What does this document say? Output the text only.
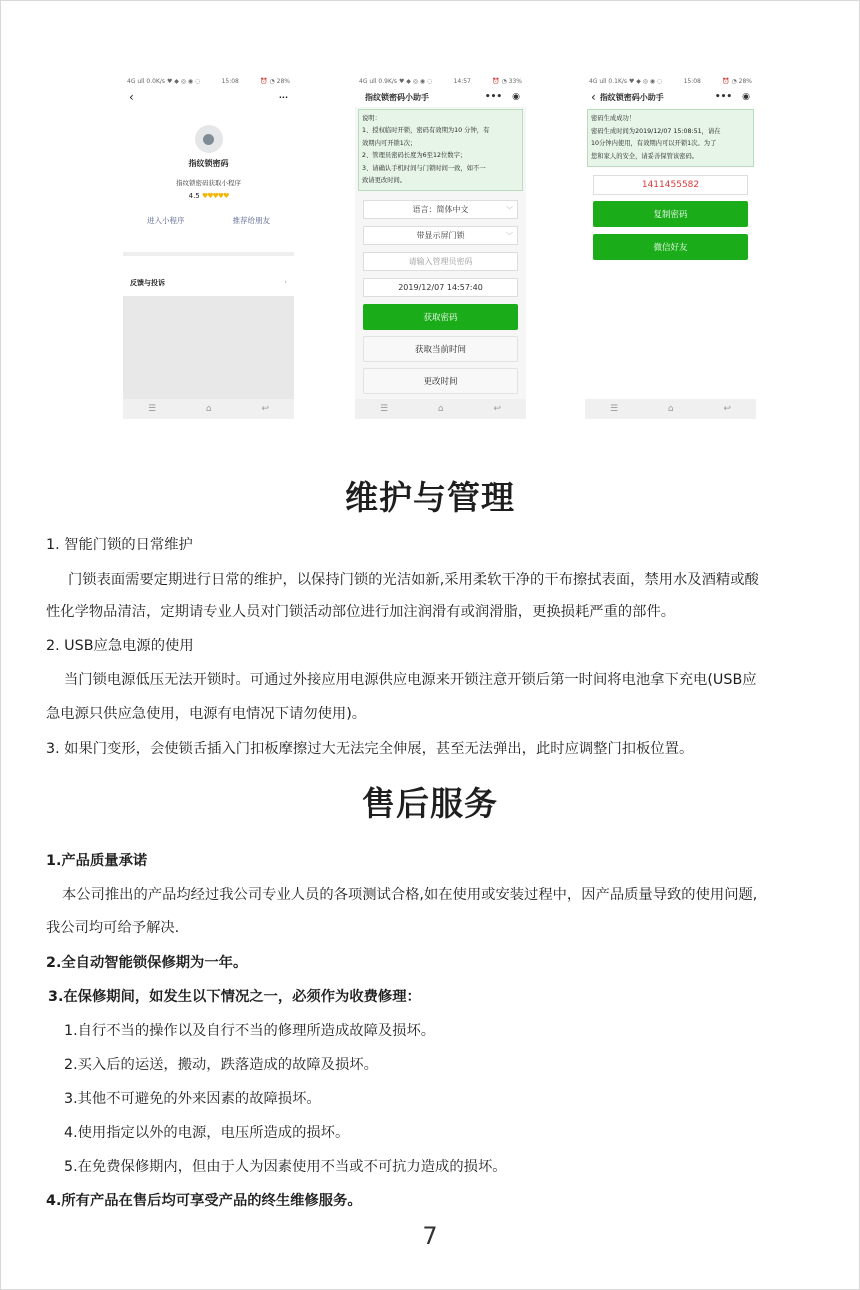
4G ull 0.0K/s ♥ ◆ ◎ ◉ ◌	15:08	⏰ ◔ 28%
‹	···
指纹锁密码
指纹锁密码获取小程序
4.5 ♥♥♥♥♥
进入小程序	推荐给朋友
反馈与投诉	›
☰	⌂	↩
4G ull 0.9K/s ♥ ◆ ◎ ◉ ◌	14:57	⏰ ◔ 33%
指纹锁密码小助手	••• ◉
说明：
1、授权临时开锁，密码有效期为10 分钟，有
效期内可开锁1次；
2、管理员密码长度为6至12位数字；
3、请确认手机时间与门锁时间一致，如不一
致请更改时间。
语言：简体中文	﹀
带显示屏门锁	﹀
请输入管理员密码
2019/12/07 14:57:40
获取密码
获取当前时间
更改时间
☰	⌂	↩
4G ull 0.1K/s ♥ ◆ ◎ ◉ ◌	15:08	⏰ ◔ 28%
‹ 指纹锁密码小助手	••• ◉
密码生成成功！
密码生成时间为2019/12/07 15:08:51，请在
10分钟内使用，有效期内可以开锁1次。为了
您和家人的安全，请妥善保管该密码。
1411455582
复制密码
微信好友
☰	⌂	↩
维护与管理
1. 智能门锁的日常维护
门锁表面需要定期进行日常的维护，以保持门锁的光洁如新,采用柔软干净的干布擦拭表面，禁用水及酒精或酸
性化学物品清洁，定期请专业人员对门锁活动部位进行加注润滑有或润滑脂，更换损耗严重的部件。
2. USB应急电源的使用
当门锁电源低压无法开锁时。可通过外接应用电源供应电源来开锁注意开锁后第一时间将电池拿下充电(USB应
急电源只供应急使用，电源有电情况下请勿使用)。
3. 如果门变形，会使锁舌插入门扣板摩擦过大无法完全伸展，甚至无法弹出，此时应调整门扣板位置。
售后服务
1.产品质量承诺
本公司推出的产品均经过我公司专业人员的各项测试合格,如在使用或安装过程中，因产品质量导致的使用问题,
我公司均可给予解决.
2.全自动智能锁保修期为一年。
3.在保修期间，如发生以下情况之一，必须作为收费修理：
1.自行不当的操作以及自行不当的修理所造成故障及损坏。
2.买入后的运送，搬动，跌落造成的故障及损坏。
3.其他不可避免的外来因素的故障损坏。
4.使用指定以外的电源，电压所造成的损坏。
5.在免费保修期内，但由于人为因素使用不当或不可抗力造成的损坏。
4.所有产品在售后均可享受产品的终生维修服务。
7
